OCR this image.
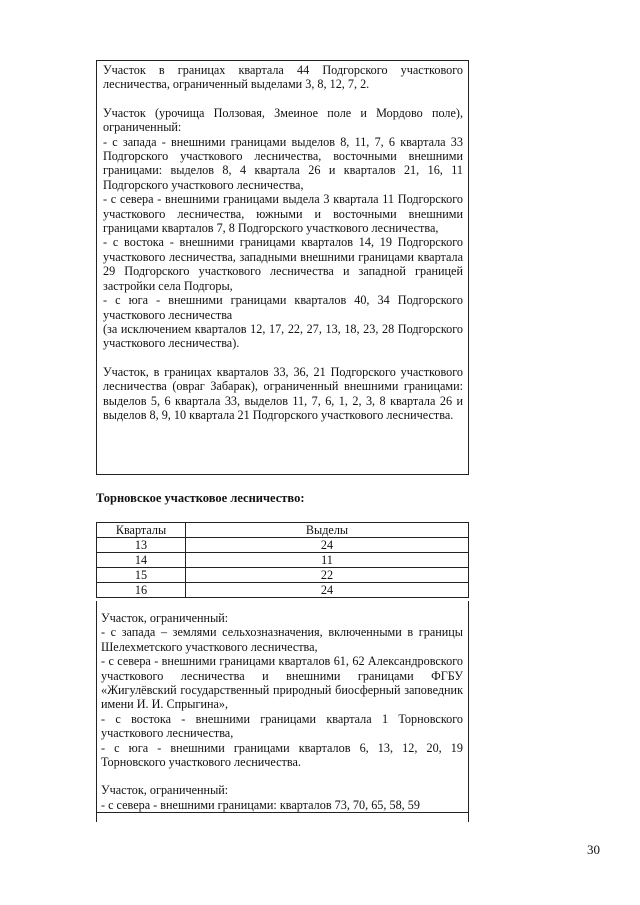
Участок в границах квартала 44 Подгорского участкового лесничества, ограниченный выделами 3, 8, 12, 7, 2.

Участок (урочища Ползовая, Змеиное поле и Мордово поле), ограниченный:

- с запада - внешними границами выделов 8, 11, 7, 6 квартала 33 Подгорского участкового лесничества, восточными внешними границами: выделов 8, 4 квартала 26 и кварталов 21, 16, 11 Подгорского участкового лесничества,

- с севера - внешними границами выдела 3 квартала 11 Подгорского участкового лесничества, южными и восточными внешними границами кварталов 7, 8 Подгорского участкового лесничества,

- с востока - внешними границами кварталов 14, 19 Подгорского участкового лесничества, западными внешними границами квартала 29 Подгорского участкового лесничества и западной границей застройки села Подгоры,

- с юга - внешними границами кварталов 40, 34 Подгорского участкового лесничества

(за исключением кварталов 12, 17, 22, 27, 13, 18, 23, 28 Подгорского участкового лесничества).

Участок, в границах кварталов 33, 36, 21 Подгорского участкового лесничества (овраг Забарак), ограниченный внешними границами: выделов 5, 6 квартала 33, выделов 11, 7, 6, 1, 2, 3, 8 квартала 26 и выделов 8, 9, 10 квартала 21 Подгорского участкового лесничества.

Торновское участковое лесничество:
Кварталы	Выделы
13	24
14	11
15	22
16	24

Участок, ограниченный:

- с запада – землями сельхозназначения, включенными в границы Шелехметского участкового лесничества,

- с севера - внешними границами кварталов 61, 62 Александровского участкового лесничества и внешними границами ФГБУ «Жигулёвский государственный природный биосферный заповедник имени И. И. Спрыгина»,

- с востока - внешними границами квартала 1 Торновского участкового лесничества,

- с юга - внешними границами кварталов 6, 13, 12, 20, 19 Торновского участкового лесничества.

Участок, ограниченный:

- с севера - внешними границами: кварталов 73, 70, 65, 58, 59

30
